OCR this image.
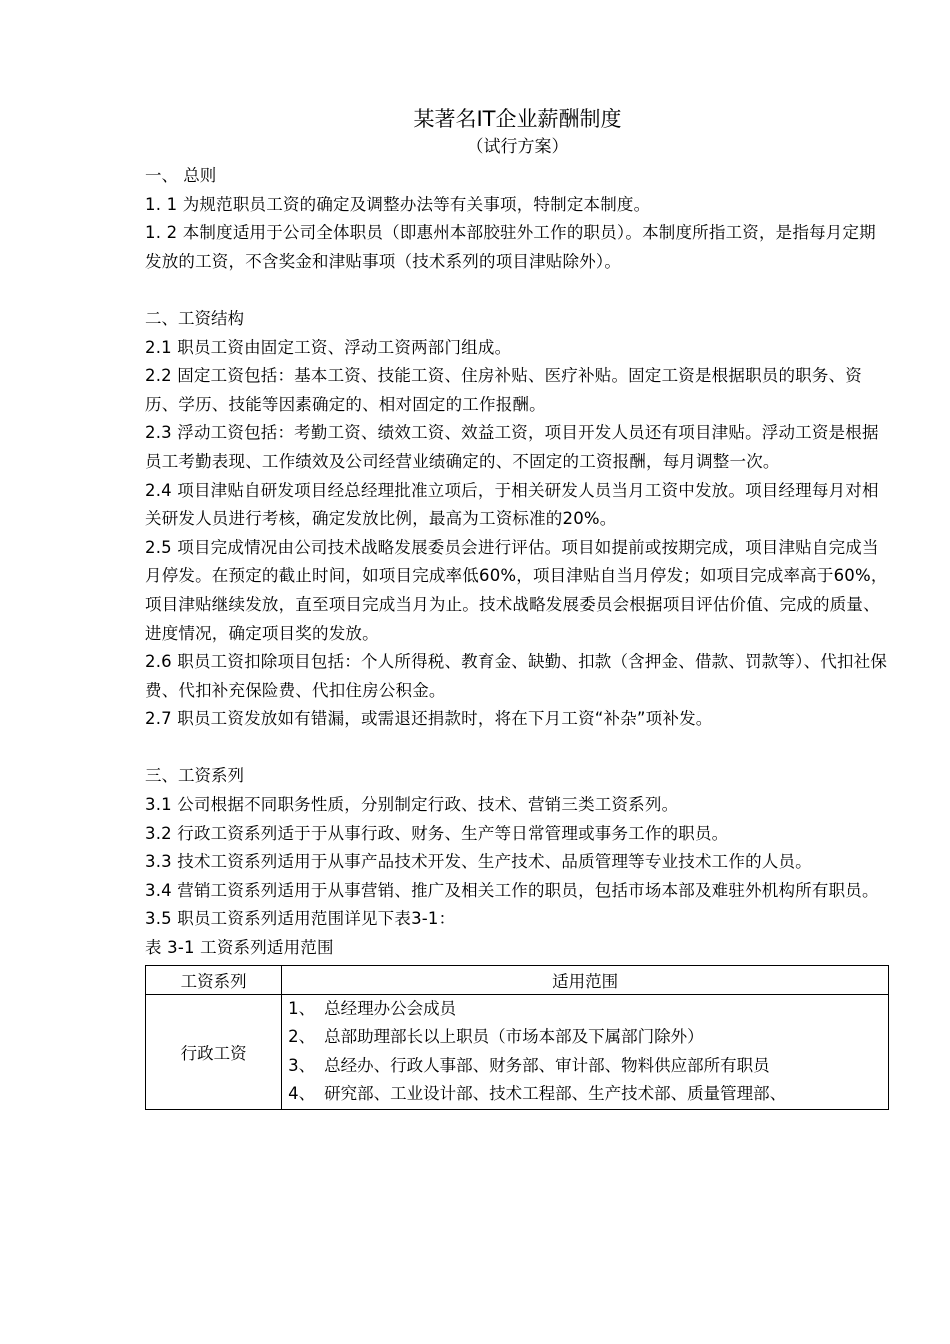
某著名IT企业薪酬制度
（试行方案）

一、 总则

1. 1 为规范职员工资的确定及调整办法等有关事项，特制定本制度。

1. 2 本制度适用于公司全体职员（即惠州本部胶驻外工作的职员）。本制度所指工资，是指每月定期发放的工资，不含奖金和津贴事项（技术系列的项目津贴除外）。

二、工资结构

2.1 职员工资由固定工资、浮动工资两部门组成。

2.2 固定工资包括：基本工资、技能工资、住房补贴、医疗补贴。固定工资是根据职员的职务、资历、学历、技能等因素确定的、相对固定的工作报酬。

2.3 浮动工资包括：考勤工资、绩效工资、效益工资，项目开发人员还有项目津贴。浮动工资是根据员工考勤表现、工作绩效及公司经营业绩确定的、不固定的工资报酬，每月调整一次。

2.4 项目津贴自研发项目经总经理批准立项后，于相关研发人员当月工资中发放。项目经理每月对相关研发人员进行考核，确定发放比例，最高为工资标准的20%。

2.5 项目完成情况由公司技术战略发展委员会进行评估。项目如提前或按期完成，项目津贴自完成当月停发。在预定的截止时间，如项目完成率低60%，项目津贴自当月停发；如项目完成率高于60%，项目津贴继续发放，直至项目完成当月为止。技术战略发展委员会根据项目评估价值、完成的质量、进度情况，确定项目奖的发放。

2.6 职员工资扣除项目包括：个人所得税、教育金、缺勤、扣款（含押金、借款、罚款等）、代扣社保费、代扣补充保险费、代扣住房公积金。

2.7 职员工资发放如有错漏，或需退还捐款时，将在下月工资“补杂”项补发。

三、工资系列

3.1 公司根据不同职务性质，分别制定行政、技术、营销三类工资系列。

3.2 行政工资系列适于于从事行政、财务、生产等日常管理或事务工作的职员。

3.3 技术工资系列适用于从事产品技术开发、生产技术、品质管理等专业技术工作的人员。

3.4 营销工资系列适用于从事营销、推广及相关工作的职员，包括市场本部及难驻外机构所有职员。

3.5 职员工资系列适用范围详见下表3-1：

表 3-1 工资系列适用范围

工资系列	适用范围
行政工资	1、 总经理办公会成员
2、 总部助理部长以上职员（市场本部及下属部门除外）
3、 总经办、行政人事部、财务部、审计部、物料供应部所有职员
4、 研究部、工业设计部、技术工程部、生产技术部、质量管理部、
